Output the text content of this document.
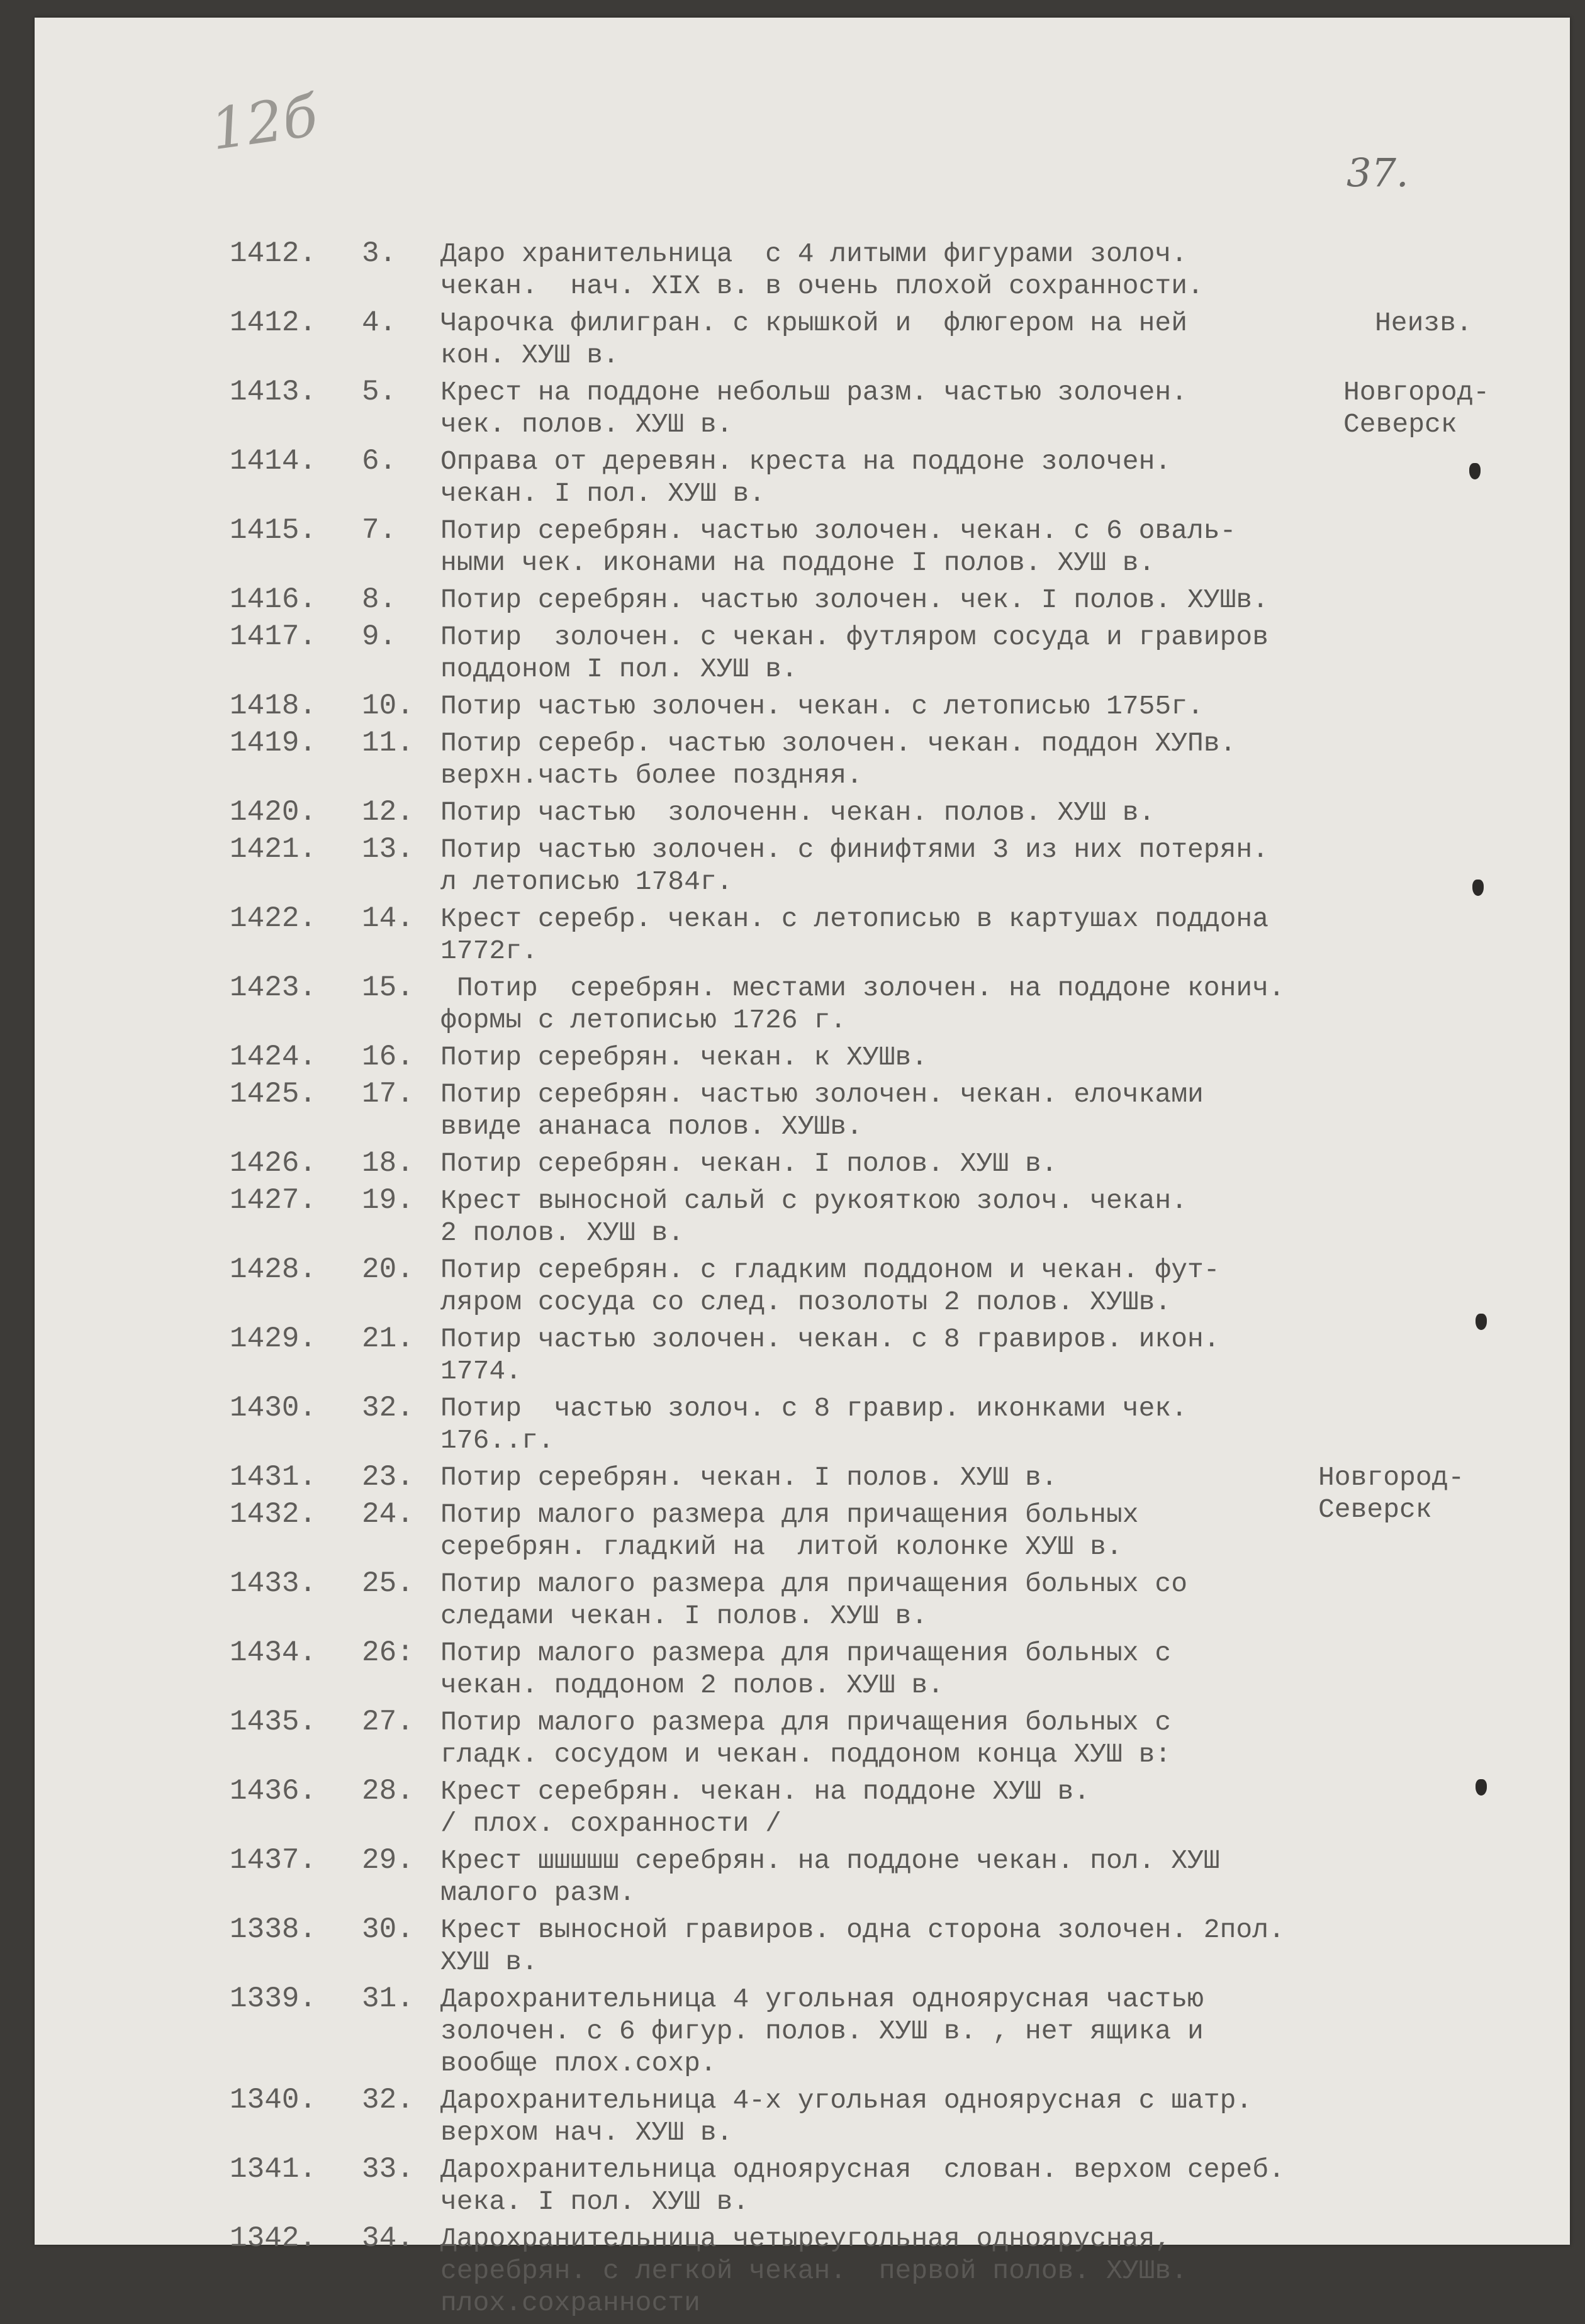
12б
37.
1412. 3. Даро хранительница  с 4 литыми фигурами золоч.
чекан.  нач. XIX в. в очень плохой сохранности.
1412. 4. Чарочка филигран. с крышкой и  флюгером на ней
кон. ХУШ в.
Неизв.
1413. 5. Крест на поддоне небольш разм. частью золочен.
чек. полов. ХУШ в.
Новгород-
Северск
1414. 6. Оправа от деревян. креста на поддоне золочен.
чекан. I пол. ХУШ в.
1415. 7. Потир серебрян. частью золочен. чекан. с 6 оваль-
ными чек. иконами на поддоне I полов. ХУШ в.
1416. 8. Потир серебрян. частью золочен. чек. I полов. ХУШв.
1417. 9. Потир  золочен. с чекан. футляром сосуда и гравиров
поддоном I пол. ХУШ в.
1418. 10. Потир частью золочен. чекан. с летописью 1755г.
1419. 11. Потир серебр. частью золочен. чекан. поддон ХУПв.
верхн.часть более поздняя.
1420. 12. Потир частью  золоченн. чекан. полов. ХУШ в.
1421. 13. Потир частью золочен. с финифтями 3 из них потерян.
л летописью 1784г.
1422. 14. Крест серебр. чекан. с летописью в картушах поддона
1772г.
1423. 15.	Потир  серебрян. местами золочен. на поддоне конич.
формы с летописью 1726 г.
1424. 16. Потир серебрян. чекан. к ХУШв.
1425. 17. Потир серебрян. частью золочен. чекан. елочками
ввиде ананаса полов. ХУШв.
1426. 18. Потир серебрян. чекан. I полов. ХУШ в.
1427. 19. Крест выносной сальй с рукояткою золоч. чекан.
2 полов. ХУШ в.
1428. 20. Потир серебрян. с гладким поддоном и чекан. фут-
ляром сосуда со след. позолоты 2 полов. ХУШв.
1429. 21. Потир частью золочен. чекан. с 8 гравиров. икон.
1774.
1430. 32. Потир  частью золоч. с 8 гравир. иконками чек.
176..г.
1431. 23. Потир серебрян. чекан. I полов. ХУШ в.	Новгород-
Северск
1432. 24. Потир малого размера для причащения больных
серебрян. гладкий на  литой колонке ХУШ в.
1433. 25. Потир малого размера для причащения больных со
следами чекан. I полов. ХУШ в.
1434. 26: Потир малого размера для причащения больных с
чекан. поддоном 2 полов. ХУШ в.
1435. 27. Потир малого размера для причащения больных с
гладк. сосудом и чекан. поддоном конца ХУШ в:
1436. 28. Крест серебрян. чекан. на поддоне ХУШ в.
/ плох. сохранности /
1437. 29. Крест шшшшш серебрян. на поддоне чекан. пол. ХУШ
малого разм.
1338. 30. Крест выносной гравиров. одна сторона золочен. 2пол.
ХУШ в.
1339. 31. Дарохранительница 4 угольная одноярусная частью
золочен. с 6 фигур. полов. ХУШ в. , нет ящика и
вообще плох.сохр.
1340. 32. Дарохранительница 4-х угольная одноярусная с шатр.
верхом нач. ХУШ в.
1341. 33. Дарохранительница одноярусная  слован. верхом сереб.
чека. I пол. ХУШ в.
1342. 34. Дарохранительница четыреугольная одноярусная,
серебрян. с легкой чекан.  первой полов. ХУШв.
плох.сохранности
